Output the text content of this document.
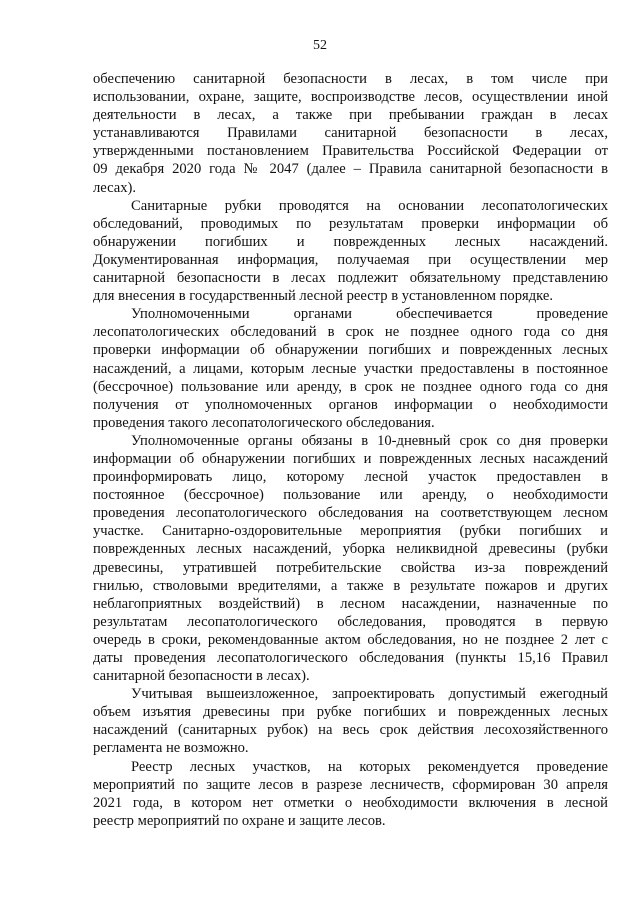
52
обеспечению санитарной безопасности в лесах, в том числе при
использовании, охране, защите, воспроизводстве лесов, осуществлении иной
деятельности в лесах, а также при пребывании граждан в лесах
устанавливаются Правилами санитарной безопасности в лесах,
утвержденными постановлением Правительства Российской Федерации от
09 декабря 2020 года № 2047 (далее – Правила санитарной безопасности в
лесах).
Санитарные рубки проводятся на основании лесопатологических
обследований, проводимых по результатам проверки информации об
обнаружении погибших и поврежденных лесных насаждений.
Документированная информация, получаемая при осуществлении мер
санитарной безопасности в лесах подлежит обязательному представлению
для внесения в государственный лесной реестр в установленном порядке.
Уполномоченными органами обеспечивается проведение
лесопатологических обследований в срок не позднее одного года со дня
проверки информации об обнаружении погибших и поврежденных лесных
насаждений, а лицами, которым лесные участки предоставлены в постоянное
(бессрочное) пользование или аренду, в срок не позднее одного года со дня
получения от уполномоченных органов информации о необходимости
проведения такого лесопатологического обследования.
Уполномоченные органы обязаны в 10-дневный срок со дня проверки
информации об обнаружении погибших и поврежденных лесных насаждений
проинформировать лицо, которому лесной участок предоставлен в
постоянное (бессрочное) пользование или аренду, о необходимости
проведения лесопатологического обследования на соответствующем лесном
участке. Санитарно-оздоровительные мероприятия (рубки погибших и
поврежденных лесных насаждений, уборка неликвидной древесины (рубки
древесины, утратившей потребительские свойства из-за повреждений
гнилью, стволовыми вредителями, а также в результате пожаров и других
неблагоприятных воздействий) в лесном насаждении, назначенные по
результатам лесопатологического обследования, проводятся в первую
очередь в сроки, рекомендованные актом обследования, но не позднее 2 лет с
даты проведения лесопатологического обследования (пункты 15,16 Правил
санитарной безопасности в лесах).
Учитывая вышеизложенное, запроектировать допустимый ежегодный
объем изъятия древесины при рубке погибших и поврежденных лесных
насаждений (санитарных рубок) на весь срок действия лесохозяйственного
регламента не возможно.
Реестр лесных участков, на которых рекомендуется проведение
мероприятий по защите лесов в разрезе лесничеств, сформирован 30 апреля
2021 года, в котором нет отметки о необходимости включения в лесной
реестр мероприятий по охране и защите лесов.
